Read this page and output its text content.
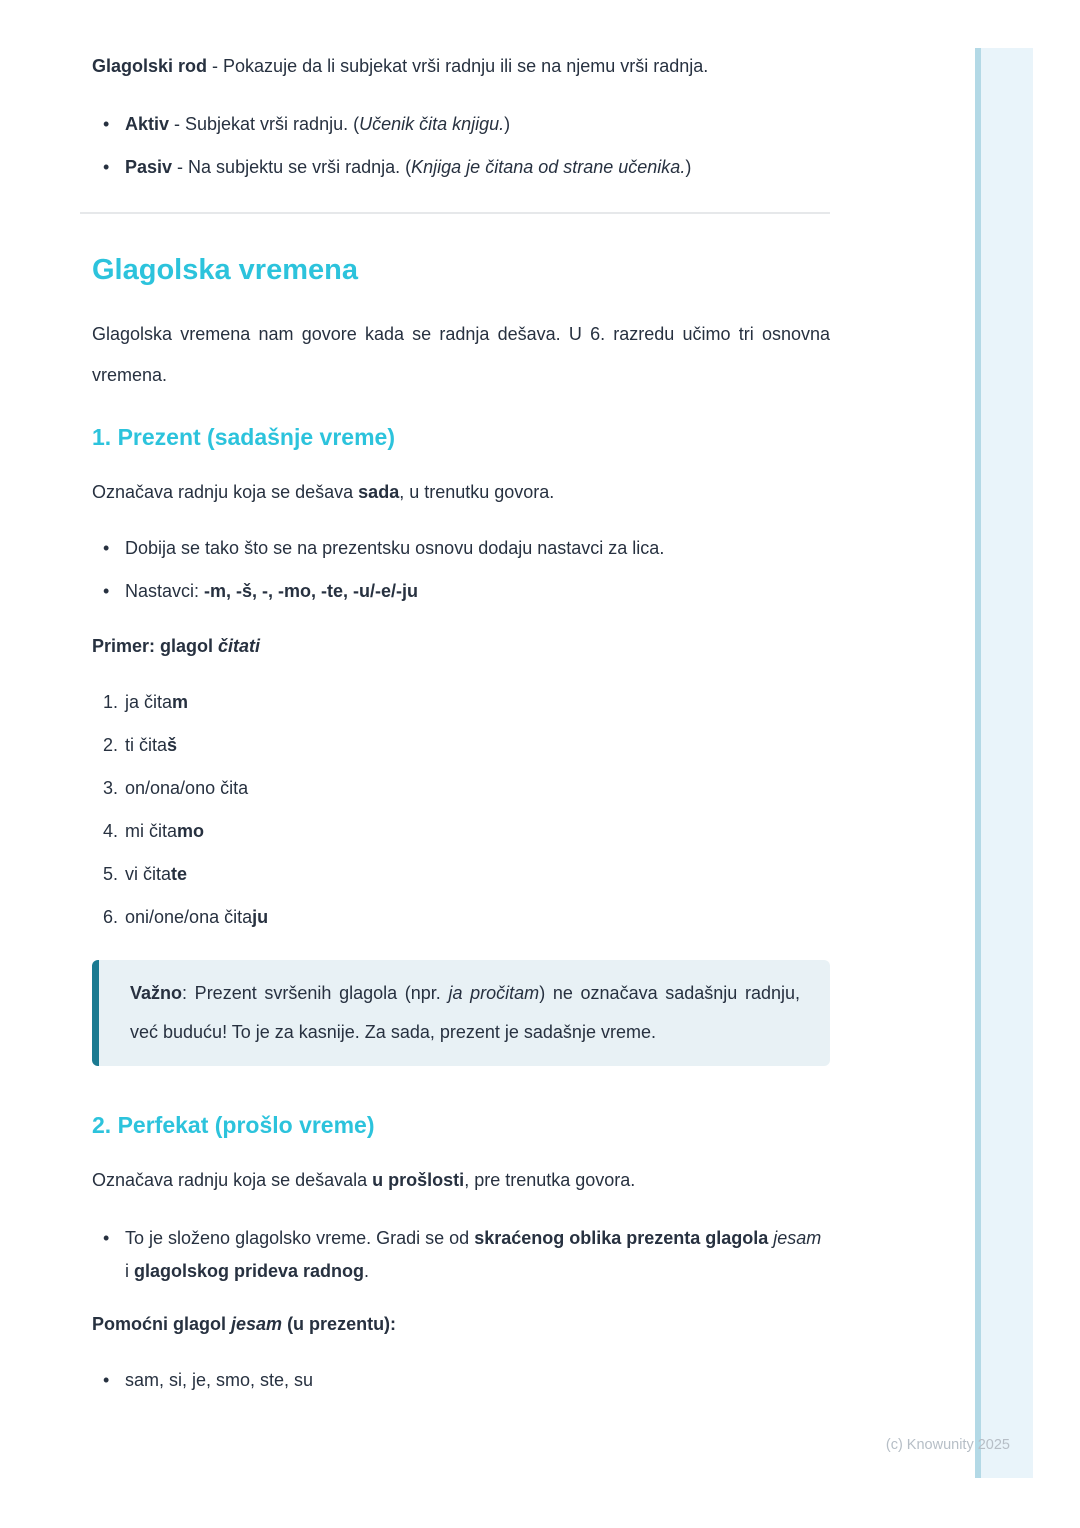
Glagolski rod - Pokazuje da li subjekat vrši radnju ili se na njemu vrši radnja.

• Aktiv - Subjekat vrši radnju. (Učenik čita knjigu.)
• Pasiv - Na subjektu se vrši radnja. (Knjiga je čitana od strane učenika.)
Glagolska vremena

Glagolska vremena nam govore kada se radnja dešava. U 6. razredu učimo tri osnovna vremena.

1. Prezent (sadašnje vreme)

Označava radnju koja se dešava sada, u trenutku govora.

• Dobija se tako što se na prezentsku osnovu dodaju nastavci za lica.
• Nastavci: -m, -š, -, -mo, -te, -u/-e/-ju

Primer: glagol čitati

1. ja čitam
2. ti čitaš
3. on/ona/ono čita
4. mi čitamo
5. vi čitate
6. oni/one/ona čitaju
Važno: Prezent svršenih glagola (npr. ja pročitam) ne označava sadašnju radnju, već buduću! To je za kasnije. Za sada, prezent je sadašnje vreme.
2. Perfekat (prošlo vreme)

Označava radnju koja se dešavala u prošlosti, pre trenutka govora.

• To je složeno glagolsko vreme. Gradi se od skraćenog oblika prezenta glagola jesam i glagolskog prideva radnog.

Pomoćni glagol jesam (u prezentu):

• sam, si, je, smo, ste, su
(c) Knowunity 2025
